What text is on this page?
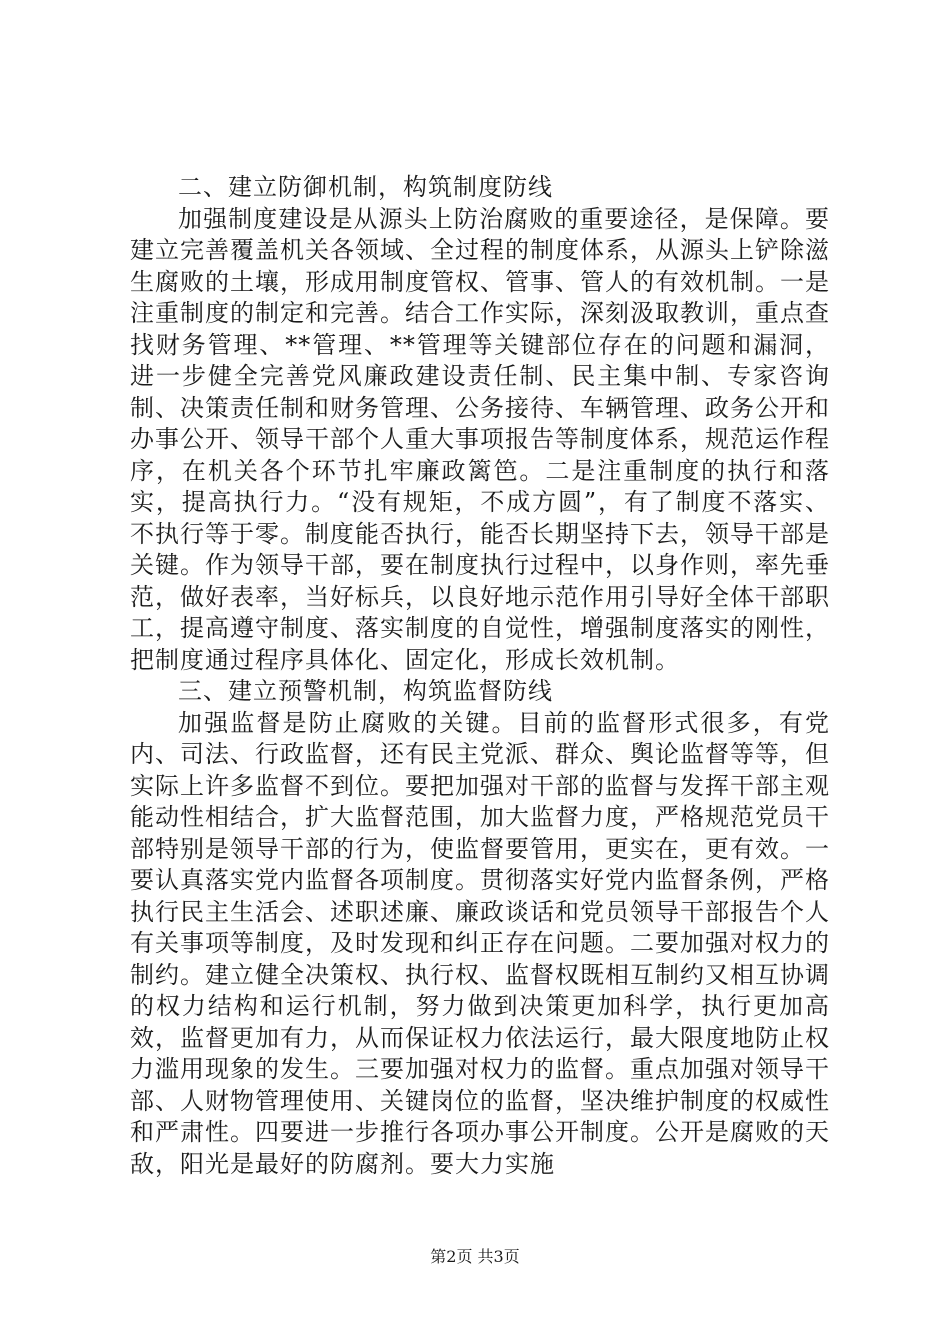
二、建立防御机制，构筑制度防线

加强制度建设是从源头上防治腐败的重要途径，是保障。要建立完善覆盖机关各领域、全过程的制度体系，从源头上铲除滋生腐败的土壤，形成用制度管权、管事、管人的有效机制。一是注重制度的制定和完善。结合工作实际，深刻汲取教训，重点查找财务管理、**管理、**管理等关键部位存在的问题和漏洞，进一步健全完善党风廉政建设责任制、民主集中制、专家咨询制、决策责任制和财务管理、公务接待、车辆管理、政务公开和办事公开、领导干部个人重大事项报告等制度体系，规范运作程序，在机关各个环节扎牢廉政篱笆。二是注重制度的执行和落实，提高执行力。“没有规矩，不成方圆”，有了制度不落实、不执行等于零。制度能否执行，能否长期坚持下去，领导干部是关键。作为领导干部，要在制度执行过程中，以身作则，率先垂范，做好表率，当好标兵，以良好地示范作用引导好全体干部职工，提高遵守制度、落实制度的自觉性，增强制度落实的刚性，把制度通过程序具体化、固定化，形成长效机制。

三、建立预警机制，构筑监督防线

加强监督是防止腐败的关键。目前的监督形式很多，有党内、司法、行政监督，还有民主党派、群众、舆论监督等等，但实际上许多监督不到位。要把加强对干部的监督与发挥干部主观能动性相结合，扩大监督范围，加大监督力度，严格规范党员干部特别是领导干部的行为，使监督要管用，更实在，更有效。一要认真落实党内监督各项制度。贯彻落实好党内监督条例，严格执行民主生活会、述职述廉、廉政谈话和党员领导干部报告个人有关事项等制度，及时发现和纠正存在问题。二要加强对权力的制约。建立健全决策权、执行权、监督权既相互制约又相互协调的权力结构和运行机制，努力做到决策更加科学，执行更加高效，监督更加有力，从而保证权力依法运行，最大限度地防止权力滥用现象的发生。三要加强对权力的监督。重点加强对领导干部、人财物管理使用、关键岗位的监督，坚决维护制度的权威性和严肃性。四要进一步推行各项办事公开制度。公开是腐败的天敌，阳光是最好的防腐剂。要大力实施

第2页 共3页
